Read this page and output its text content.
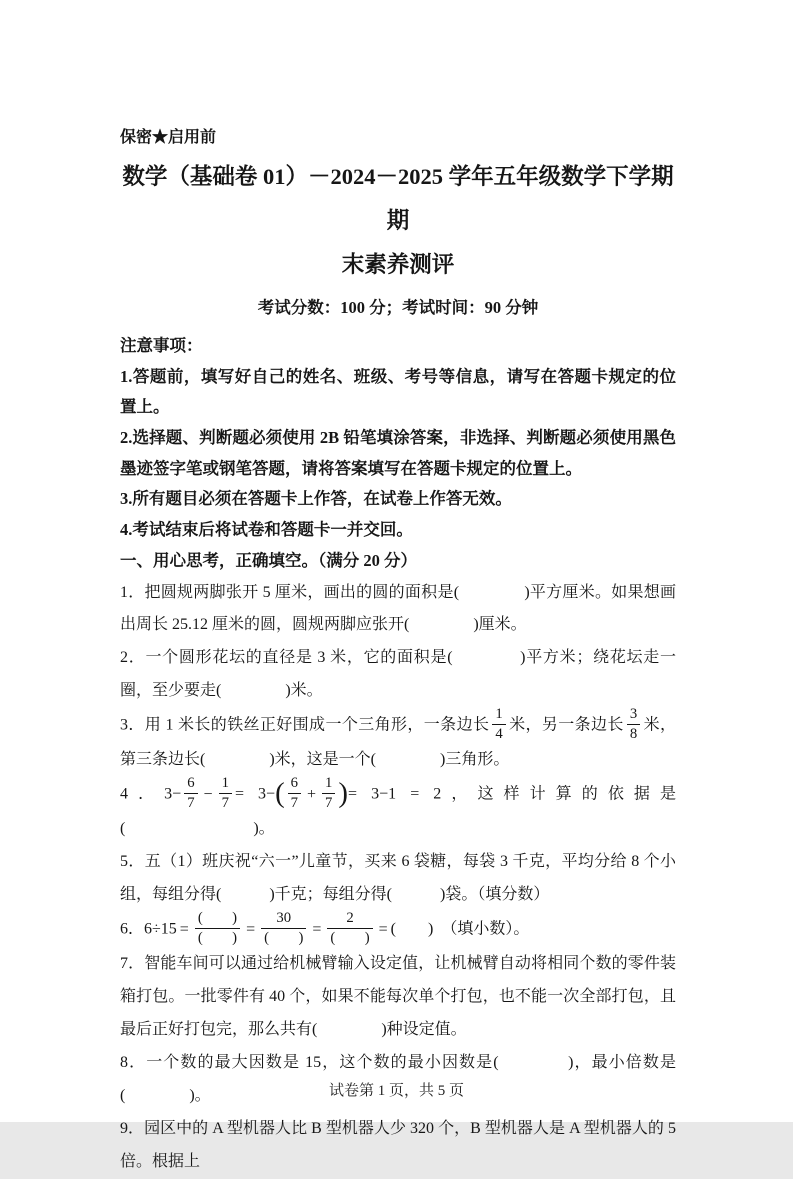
保密★启用前
数学（基础卷 01）－2024－2025 学年五年级数学下学期期
末素养测评
考试分数：100 分；考试时间：90 分钟

注意事项：

1.答题前，填写好自己的姓名、班级、考号等信息，请写在答题卡规定的位置上。

2.选择题、判断题必须使用 2B 铅笔填涂答案，非选择、判断题必须使用黑色墨迹签字笔或钢笔答题，请将答案填写在答题卡规定的位置上。

3.所有题目必须在答题卡上作答，在试卷上作答无效。

4.考试结束后将试卷和答题卡一并交回。

一、用心思考，正确填空。（满分 20 分）

1．把圆规两脚张开 5 厘米，画出的圆的面积是(　　　　)平方厘米。如果想画出周长 25.12 厘米的圆，圆规两脚应张开(　　　　)厘米。

2．一个圆形花坛的直径是 3 米，它的面积是(　　　　)平方米；绕花坛走一圈，至少要走(　　　　)米。

3．用 1 米长的铁丝正好围成一个三角形，一条边长 $\frac{1}{4}$ 米，另一条边长 $\frac{3}{8}$ 米，第三条边长(　　　　)米，这是一个(　　　　)三角形。

4．$3- \frac{6}{7} - \frac{1}{7} = 3-( \frac{6}{7} + \frac{1}{7}$ )= 3−1 = 2，这样计算的依据是(　　　　　　　　)。

5．五（1）班庆祝“六一”儿童节，买来 6 袋糖，每袋 3 千克，平均分给 8 个小组，每组分得(　　　)千克；每组分得(　　　)袋。（填分数）

6．$6\div 15 = \frac{( )}{( )} = \frac{30}{( )} = \frac{2}{( )}$ = (　　)　（填小数）。

7．智能车间可以通过给机械臂输入设定值，让机械臂自动将相同个数的零件装箱打包。一批零件有 40 个，如果不能每次单个打包，也不能一次全部打包，且最后正好打包完，那么共有(　　　　)种设定值。

8．一个数的最大因数是 15，这个数的最小因数是(　　　　)，最小倍数是(　　　　)。

9．园区中的 A 型机器人比 B 型机器人少 320 个，B 型机器人是 A 型机器人的 5 倍。根据上

试卷第 1 页，共 5 页
